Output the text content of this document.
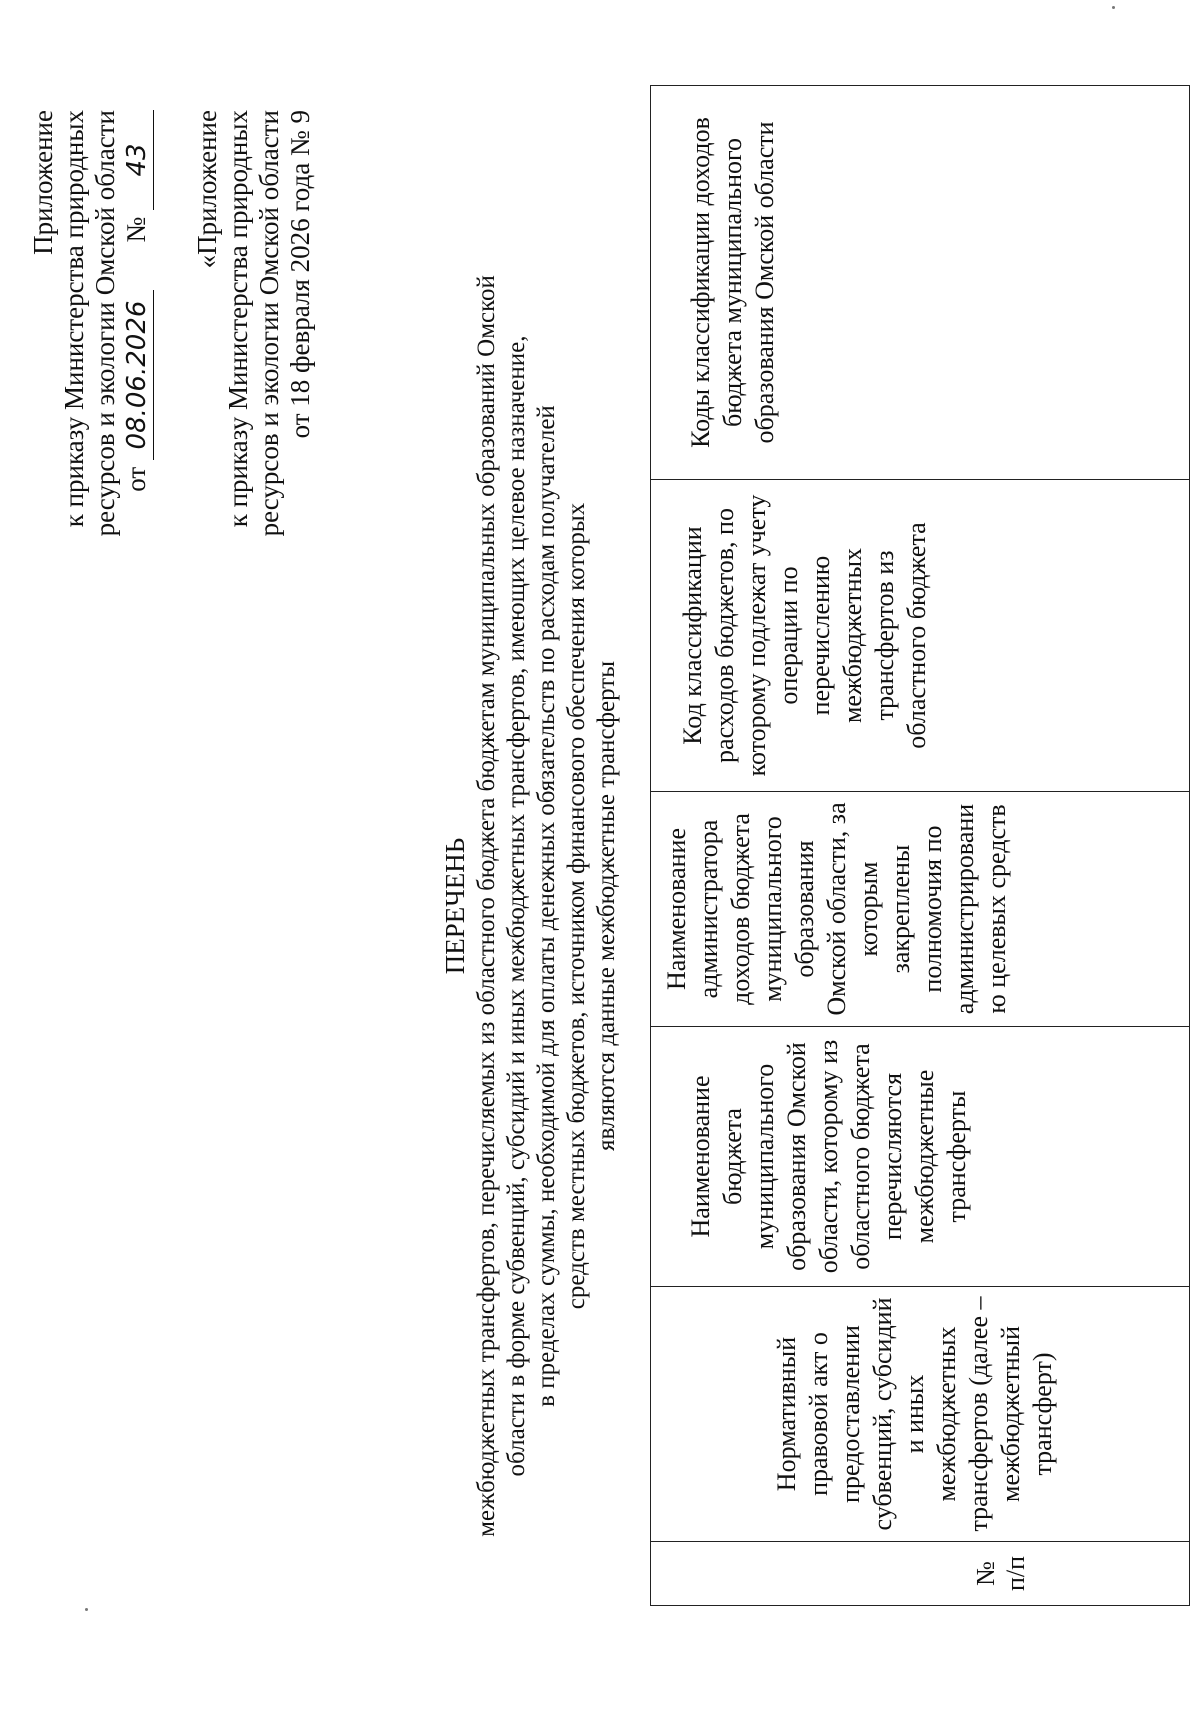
Приложение к приказу Министерства природных ресурсов и экологии Омской области от 08.06.2026  № 43 «Приложение к приказу Министерства природных ресурсов и экологии Омской области от 18 февраля 2026 года № 9
ПЕРЕЧЕНЬ межбюджетных трансфертов, перечисляемых из областного бюджета бюджетам муниципальных образований Омской области в форме субвенций, субсидий и иных межбюджетных трансфертов, имеющих целевое назначение, в пределах суммы, необходимой для оплаты денежных обязательств по расходам получателей средств местных бюджетов, источником финансового обеспечения которых являются данные межбюджетные трансферты
№ п/п	Нормативный правовой акт о предоставлении субвенций, субсидий и иных межбюджетных трансфертов (далее – межбюджетный трансферт)	Наименование бюджета муниципального образования Омской области, которому из областного бюджета перечисляются межбюджетные трансферты	Наименование администратора доходов бюджета муниципального образования Омской области, за которым закреплены полномочия по администрированию целевых средств	Код классификации расходов бюджетов, по которому подлежат учету операции по перечислению межбюджетных трансфертов из областного бюджета	Коды классификации доходов бюджета муниципального образования Омской области
